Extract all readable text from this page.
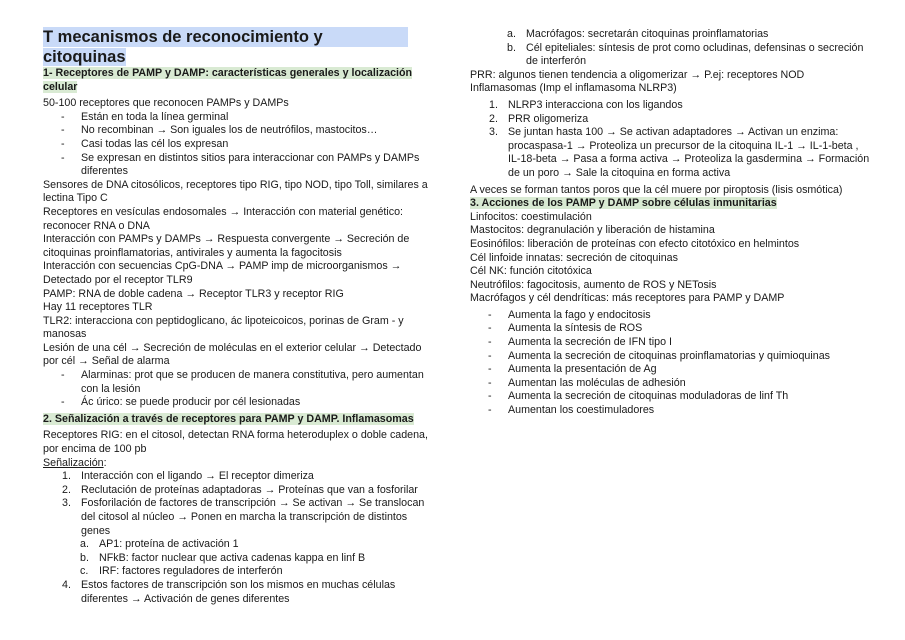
T mecanismos de reconocimiento y
citoquinas

1- Receptores de PAMP y DAMP: características generales y localización celular

50-100 receptores que reconocen PAMPs y DAMPs

- Están en toda la línea germinal
- No recombinan → Son iguales los de neutrófilos, mastocitos…
- Casi todas las cél los expresan
- Se expresan en distintos sitios para interaccionar con PAMPs y DAMPs diferentes

Sensores de DNA citosólicos, receptores tipo RIG, tipo NOD, tipo Toll, similares a lectina Tipo C

Receptores en vesículas endosomales → Interacción con material genético: reconocer RNA o DNA

Interacción con PAMPs y DAMPs → Respuesta convergente → Secreción de citoquinas proinflamatorias, antivirales y aumenta la fagocitosis

Interacción con secuencias CpG-DNA → PAMP imp de microorganismos → Detectado por el receptor TLR9

PAMP: RNA de doble cadena → Receptor TLR3 y receptor RIG

Hay 11 receptores TLR

TLR2: interacciona con peptidoglicano, ác lipoteicoicos, porinas de Gram - y manosas

Lesión de una cél → Secreción de moléculas en el exterior celular → Detectado por cél → Señal de alarma

- Alarminas: prot que se producen de manera constitutiva, pero aumentan con la lesión
- Ác úrico: se puede producir por cél lesionadas

2. Señalización a través de receptores para PAMP y DAMP. Inflamasomas

Receptores RIG: en el citosol, detectan RNA forma heteroduplex o doble cadena, por encima de 100 pb

Señalización:

1. Interacción con el ligando → El receptor dimeriza
2. Reclutación de proteínas adaptadoras → Proteínas que van a fosforilar
3. Fosforilación de factores de transcripción → Se activan → Se translocan del citosol al núcleo → Ponen en marcha la transcripción de distintos genes
a. AP1: proteína de activación 1
b. NFkB: factor nuclear que activa cadenas kappa en linf B
c. IRF: factores reguladores de interferón
4. Estos factores de transcripción son los mismos en muchas células diferentes → Activación de genes diferentes
a. Macrófagos: secretarán citoquinas proinflamatorias
b. Cél epiteliales: síntesis de prot como ocludinas, defensinas o secreción de interferón

PRR: algunos tienen tendencia a oligomerizar → P.ej: receptores NOD

Inflamasomas (Imp el inflamasoma NLRP3)

1. NLRP3 interacciona con los ligandos
2. PRR oligomeriza
3. Se juntan hasta 100 → Se activan adaptadores → Activan un enzima: procaspasa-1 → Proteoliza un precursor de la citoquina IL-1 → IL-1-beta , IL-18-beta → Pasa a forma activa → Proteoliza la gasdermina → Formación de un poro → Sale la citoquina en forma activa

A veces se forman tantos poros que la cél muere por piroptosis (lisis osmótica)

3. Acciones de los PAMP y DAMP sobre células inmunitarias

Linfocitos: coestimulación

Mastocitos: degranulación y liberación de histamina

Eosinófilos: liberación de proteínas con efecto citotóxico en helmintos

Cél linfoide innatas: secreción de citoquinas

Cél NK: función citotóxica

Neutrófilos: fagocitosis, aumento de ROS y NETosis

Macrófagos y cél dendríticas: más receptores para PAMP y DAMP

- Aumenta la fago y endocitosis
- Aumenta la síntesis de ROS
- Aumenta la secreción de IFN tipo I
- Aumenta la secreción de citoquinas proinflamatorias y quimioquinas
- Aumenta la presentación de Ag
- Aumentan las moléculas de adhesión
- Aumenta la secreción de citoquinas moduladoras de linf Th
- Aumentan los coestimuladores
